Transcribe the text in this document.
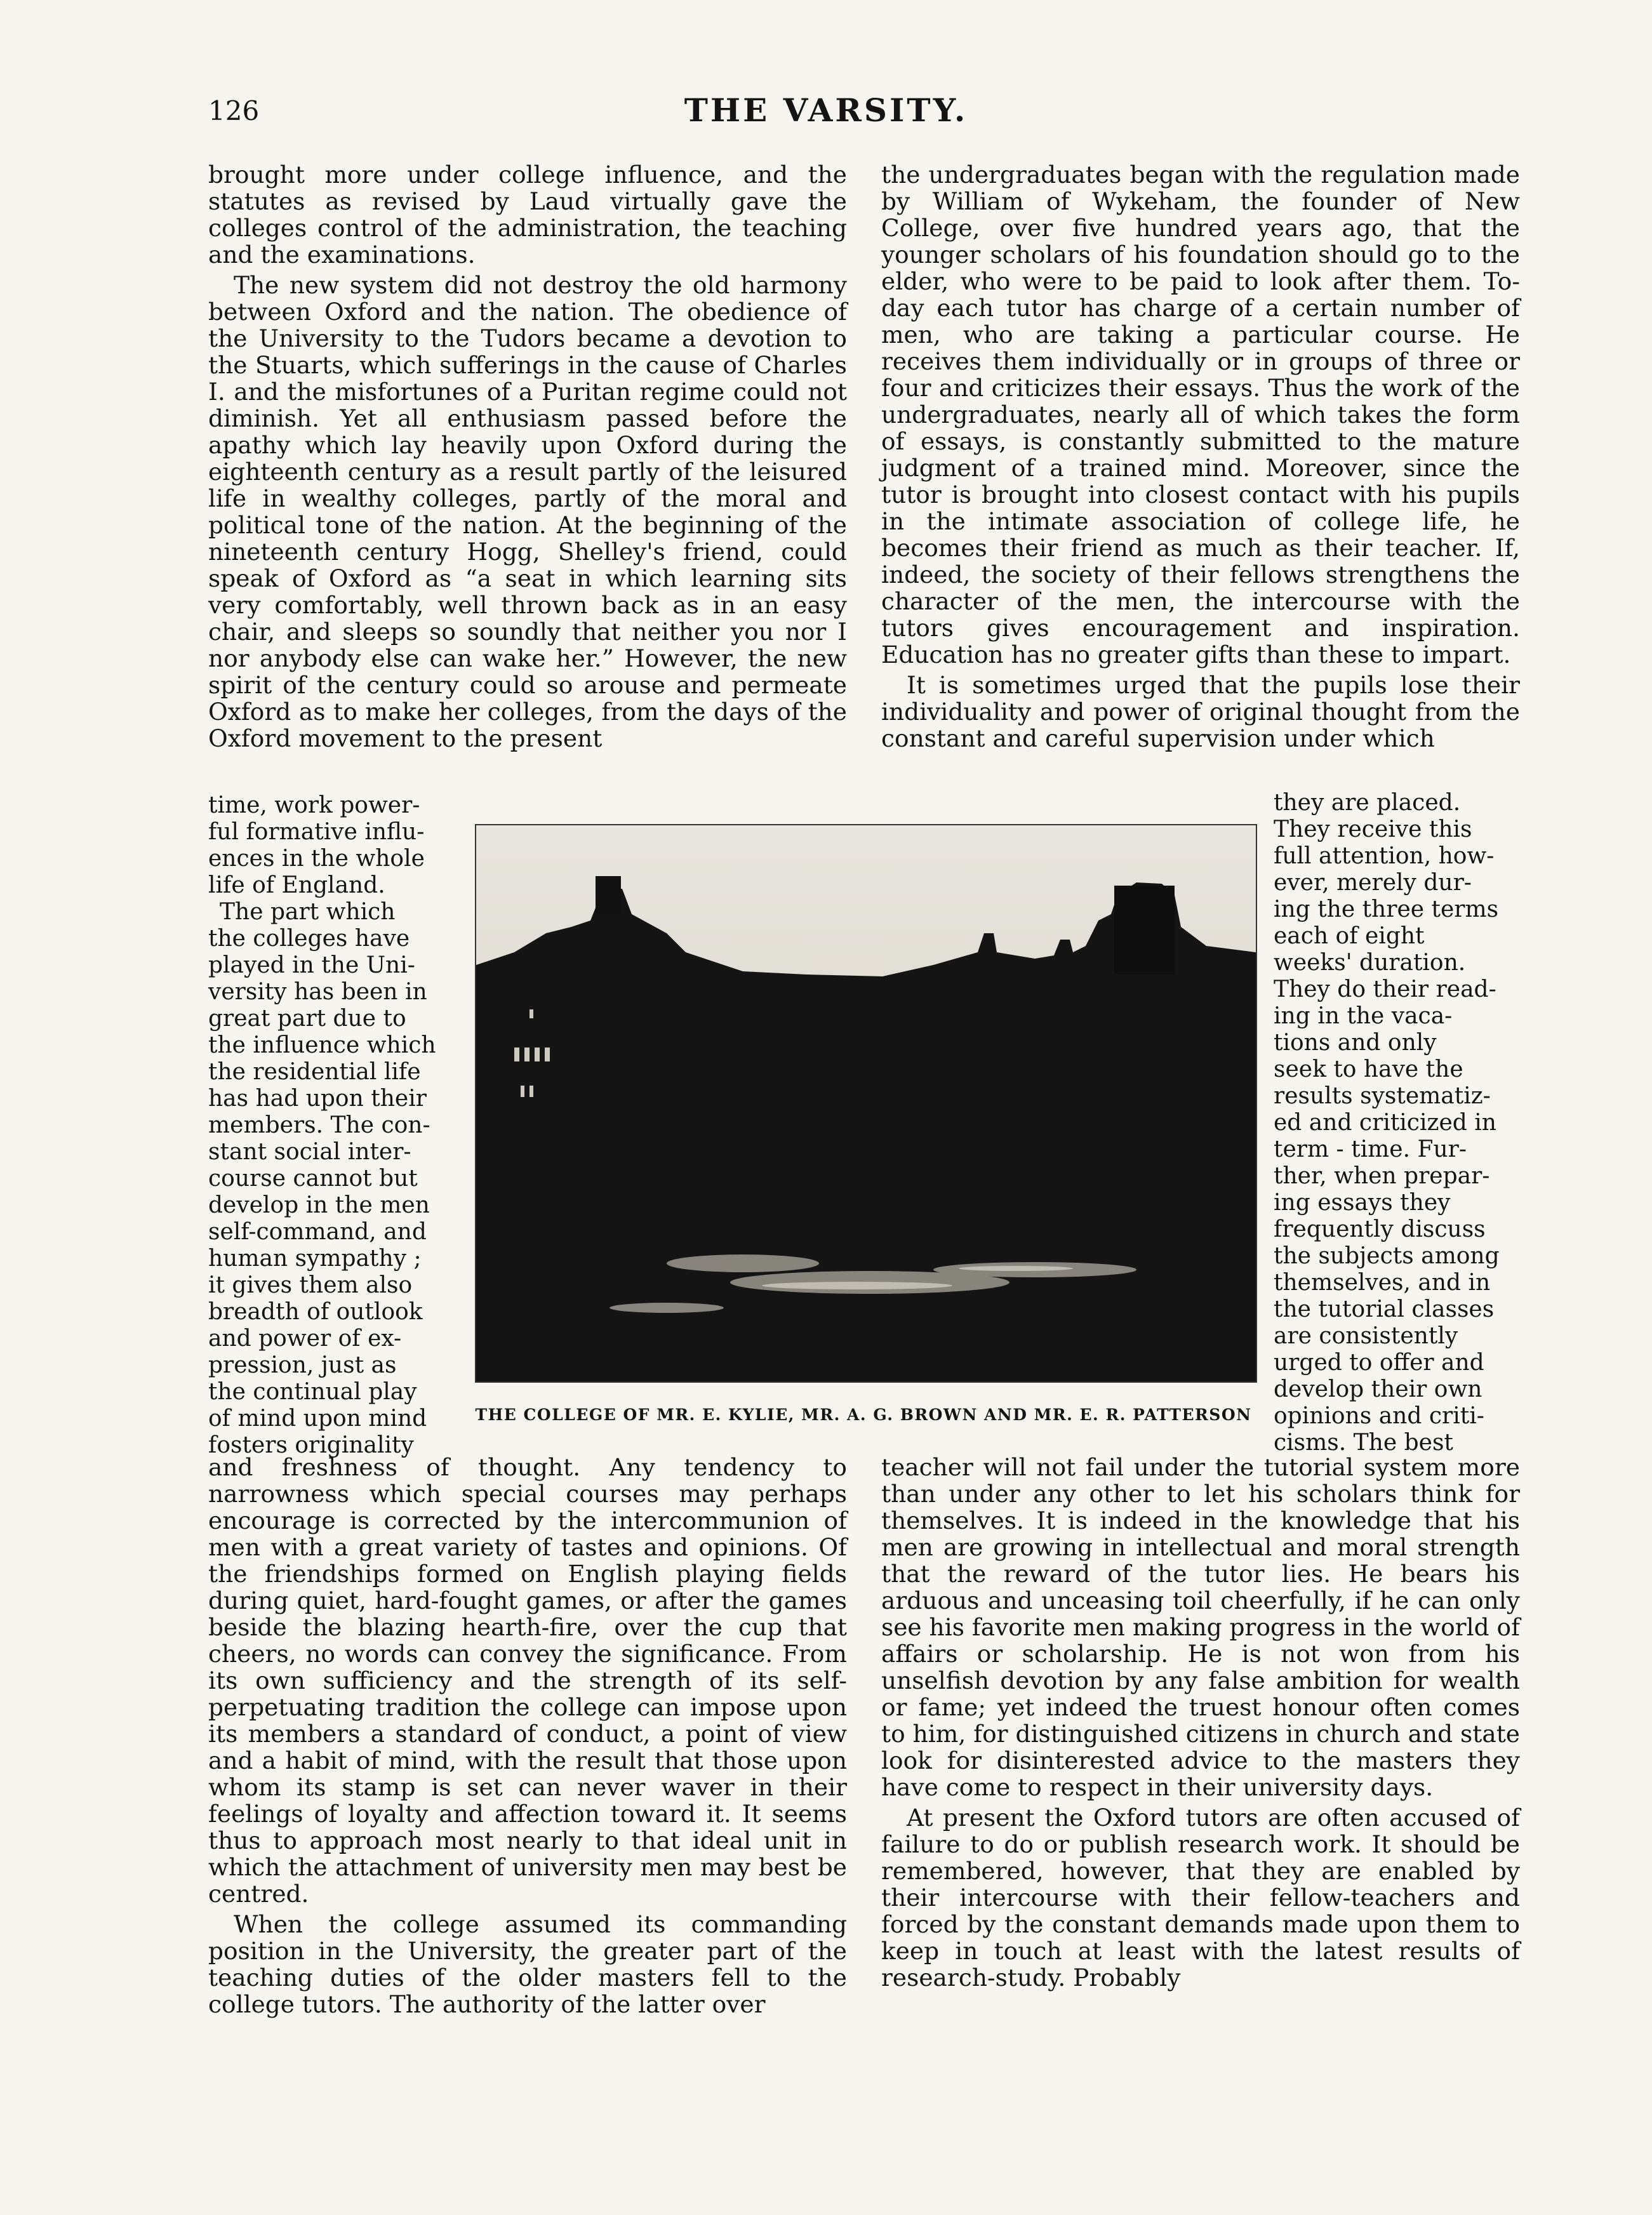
126	THE VARSITY.

brought more under college influence, and the statutes as revised by Laud virtually gave the colleges control of the administration, the teaching and the examinations.

The new system did not destroy the old harmony between Oxford and the nation. The obedience of the University to the Tudors became a devotion to the Stuarts, which sufferings in the cause of Charles I. and the misfortunes of a Puritan regime could not diminish. Yet all enthusiasm passed before the apathy which lay heavily upon Oxford during the eighteenth century as a result partly of the leisured life in wealthy colleges, partly of the moral and political tone of the nation. At the beginning of the nineteenth century Hogg, Shelley's friend, could speak of Oxford as “a seat in which learning sits very comfortably, well thrown back as in an easy chair, and sleeps so soundly that neither you nor I nor anybody else can wake her.” However, the new spirit of the century could so arouse and permeate Oxford as to make her colleges, from the days of the Oxford movement to the present

time, work power-
ful formative influ-
ences in the whole
life of England.
The part which
the colleges have
played in the Uni-
versity has been in
great part due to
the influence which
the residential life
has had upon their
members. The con-
stant social inter-
course cannot but
develop in the men
self-command, and
human sympathy ;
it gives them also
breadth of outlook
and power of ex-
pression, just as
the continual play
of mind upon mind
fosters originality
THE COLLEGE OF MR. E. KYLIE, MR. A. G. BROWN AND MR. E. R. PATTERSON

and freshness of thought. Any tendency to narrowness which special courses may perhaps encourage is corrected by the intercommunion of men with a great variety of tastes and opinions. Of the friendships formed on English playing fields during quiet, hard-fought games, or after the games beside the blazing hearth-fire, over the cup that cheers, no words can convey the significance. From its own sufficiency and the strength of its self-perpetuating tradition the college can impose upon its members a standard of conduct, a point of view and a habit of mind, with the result that those upon whom its stamp is set can never waver in their feelings of loyalty and affection toward it. It seems thus to approach most nearly to that ideal unit in which the attachment of university men may best be centred.

When the college assumed its commanding position in the University, the greater part of the teaching duties of the older masters fell to the college tutors. The authority of the latter over

the undergraduates began with the regulation made by William of Wykeham, the founder of New College, over five hundred years ago, that the younger scholars of his foundation should go to the elder, who were to be paid to look after them. To-day each tutor has charge of a certain number of men, who are taking a particular course. He receives them individually or in groups of three or four and criticizes their essays. Thus the work of the undergraduates, nearly all of which takes the form of essays, is constantly submitted to the mature judgment of a trained mind. Moreover, since the tutor is brought into closest contact with his pupils in the intimate association of college life, he becomes their friend as much as their teacher. If, indeed, the society of their fellows strengthens the character of the men, the intercourse with the tutors gives encouragement and inspiration. Education has no greater gifts than these to impart.

It is sometimes urged that the pupils lose their individuality and power of original thought from the constant and careful supervision under which

they are placed.
They receive this
full attention, how-
ever, merely dur-
ing the three terms
each of eight
weeks' duration.
They do their read-
ing in the vaca-
tions and only
seek to have the
results systematiz-
ed and criticized in
term - time. Fur-
ther, when prepar-
ing essays they
frequently discuss
the subjects among
themselves, and in
the tutorial classes
are consistently
urged to offer and
develop their own
opinions and criti-
cisms. The best

teacher will not fail under the tutorial system more than under any other to let his scholars think for themselves. It is indeed in the knowledge that his men are growing in intellectual and moral strength that the reward of the tutor lies. He bears his arduous and unceasing toil cheerfully, if he can only see his favorite men making progress in the world of affairs or scholarship. He is not won from his unselfish devotion by any false ambition for wealth or fame; yet indeed the truest honour often comes to him, for distinguished citizens in church and state look for disinterested advice to the masters they have come to respect in their university days.

At present the Oxford tutors are often accused of failure to do or publish research work. It should be remembered, however, that they are enabled by their intercourse with their fellow-teachers and forced by the constant demands made upon them to keep in touch at least with the latest results of research-study. Probably
